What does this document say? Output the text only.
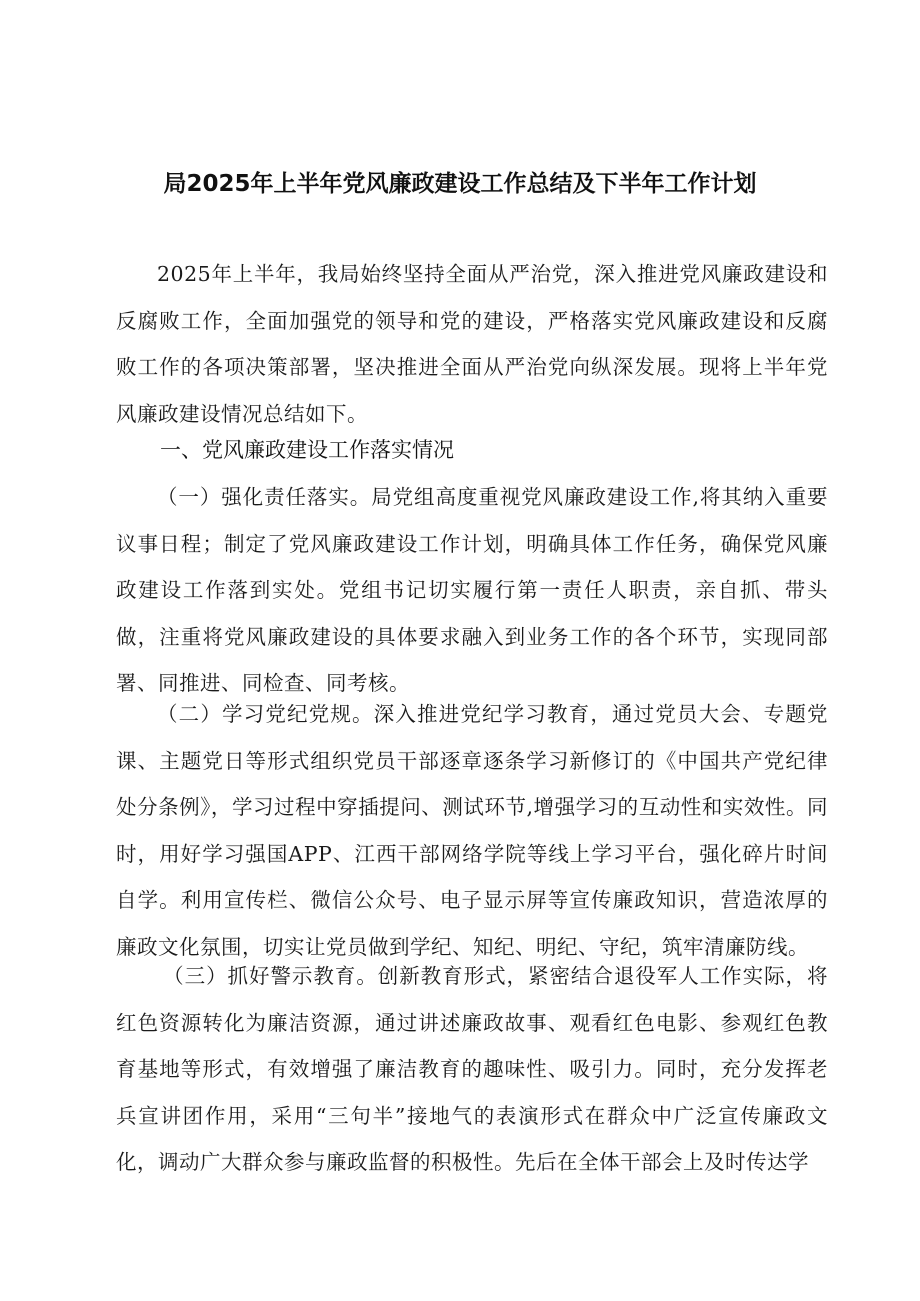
局2025年上半年党风廉政建设工作总结及下半年工作计划
2025年上半年，我局始终坚持全面从严治党，深入推进党风廉政建设和反腐败工作，全面加强党的领导和党的建设，严格落实党风廉政建设和反腐败工作的各项决策部署，坚决推进全面从严治党向纵深发展。现将上半年党风廉政建设情况总结如下。
一、党风廉政建设工作落实情况
（一）强化责任落实。局党组高度重视党风廉政建设工作,将其纳入重要议事日程；制定了党风廉政建设工作计划，明确具体工作任务，确保党风廉政建设工作落到实处。党组书记切实履行第一责任人职责，亲自抓、带头做，注重将党风廉政建设的具体要求融入到业务工作的各个环节，实现同部署、同推进、同检查、同考核。
（二）学习党纪党规。深入推进党纪学习教育，通过党员大会、专题党课、主题党日等形式组织党员干部逐章逐条学习新修订的《中国共产党纪律处分条例》，学习过程中穿插提问、测试环节,增强学习的互动性和实效性。同时，用好学习强国APP、江西干部网络学院等线上学习平台，强化碎片时间自学。利用宣传栏、微信公众号、电子显示屏等宣传廉政知识，营造浓厚的廉政文化氛围，切实让党员做到学纪、知纪、明纪、守纪，筑牢清廉防线。
（三）抓好警示教育。创新教育形式，紧密结合退役军人工作实际，将红色资源转化为廉洁资源，通过讲述廉政故事、观看红色电影、参观红色教育基地等形式，有效增强了廉洁教育的趣味性、吸引力。同时，充分发挥老兵宣讲团作用，采用“三句半”接地气的表演形式在群众中广泛宣传廉政文化，调动广大群众参与廉政监督的积极性。先后在全体干部会上及时传达学
